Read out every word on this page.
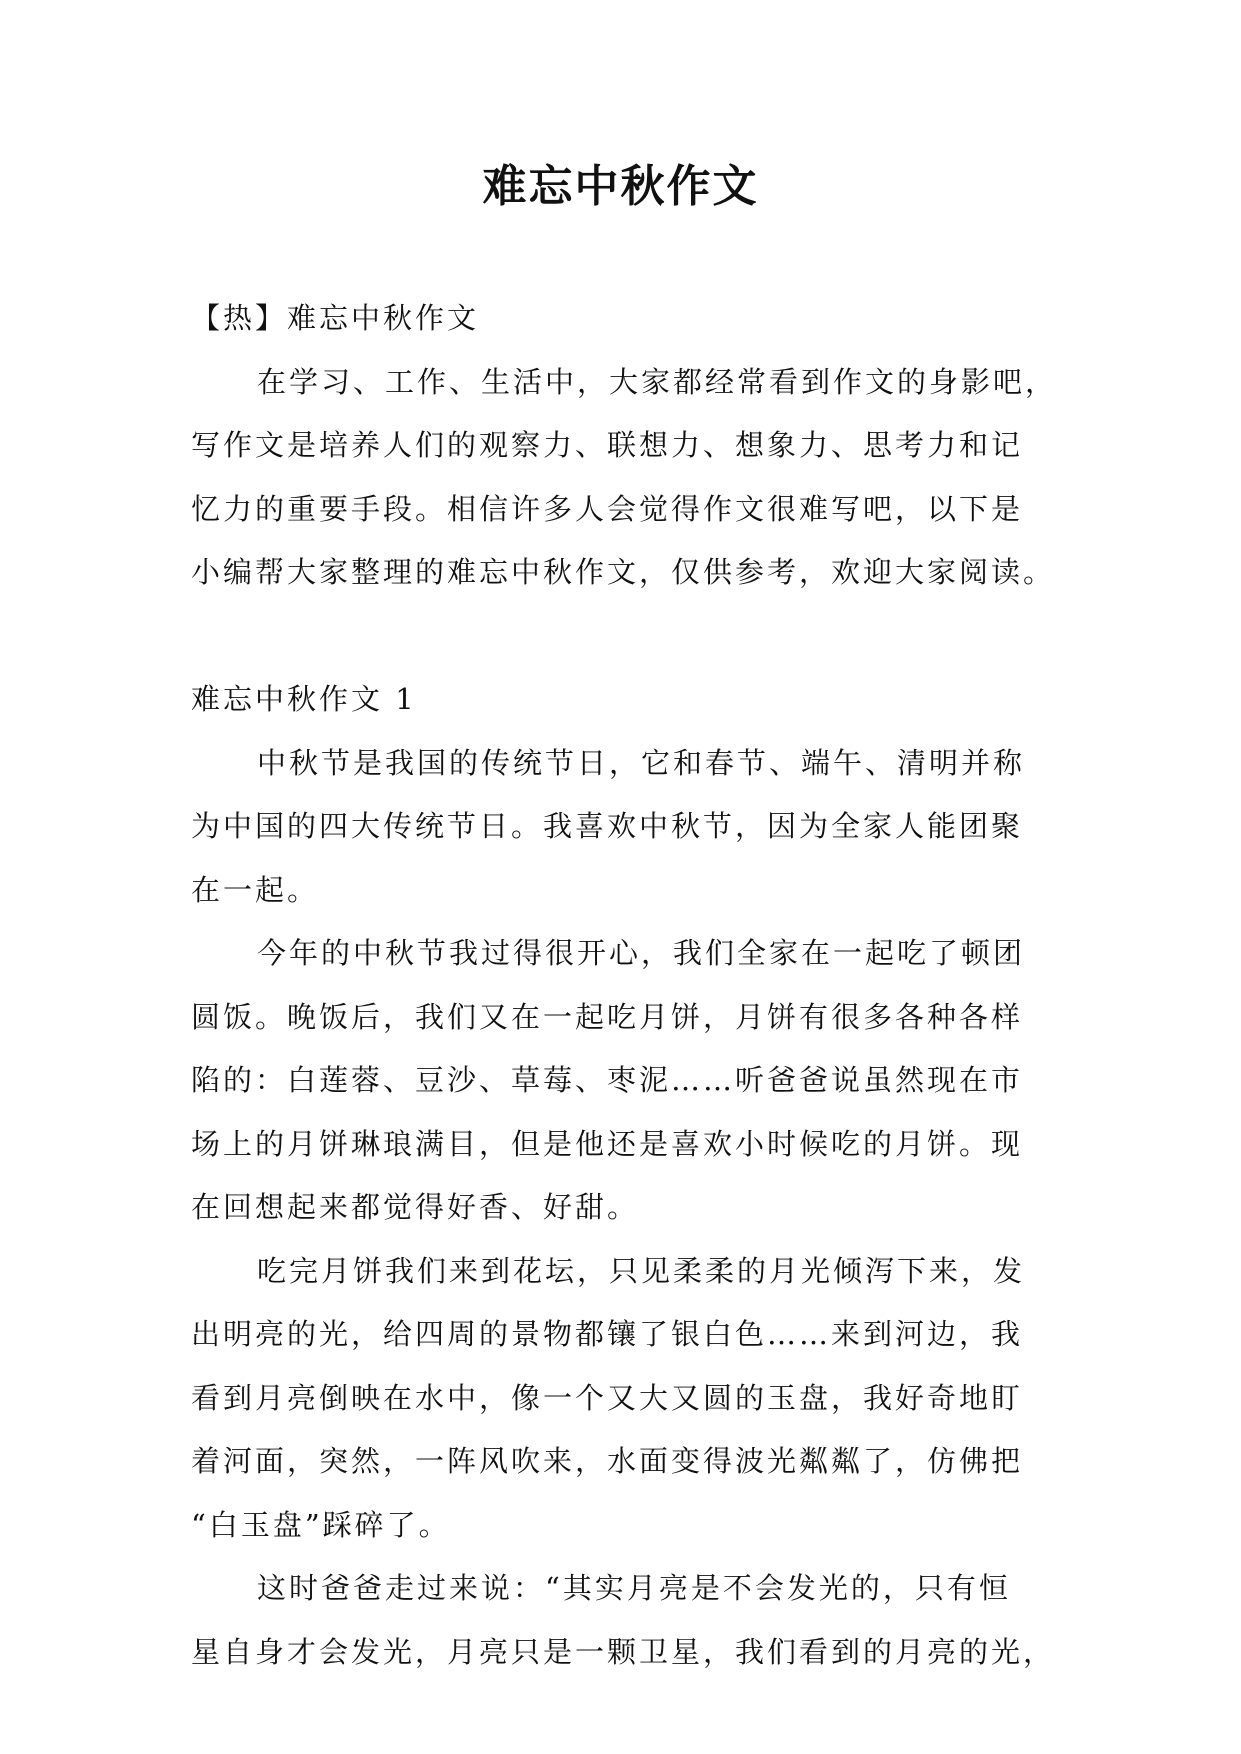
难忘中秋作文
【热】难忘中秋作文
在学习、工作、生活中，大家都经常看到作文的身影吧，
写作文是培养人们的观察力、联想力、想象力、思考力和记
忆力的重要手段。相信许多人会觉得作文很难写吧，以下是
小编帮大家整理的难忘中秋作文，仅供参考，欢迎大家阅读。
难忘中秋作文 1
中秋节是我国的传统节日，它和春节、端午、清明并称
为中国的四大传统节日。我喜欢中秋节，因为全家人能团聚
在一起。
今年的中秋节我过得很开心，我们全家在一起吃了顿团
圆饭。晚饭后，我们又在一起吃月饼，月饼有很多各种各样
陷的：白莲蓉、豆沙、草莓、枣泥……听爸爸说虽然现在市
场上的月饼琳琅满目，但是他还是喜欢小时候吃的月饼。现
在回想起来都觉得好香、好甜。
吃完月饼我们来到花坛，只见柔柔的月光倾泻下来，发
出明亮的光，给四周的景物都镶了银白色……来到河边，我
看到月亮倒映在水中，像一个又大又圆的玉盘，我好奇地盯
着河面，突然，一阵风吹来，水面变得波光粼粼了，仿佛把
“白玉盘”踩碎了。
这时爸爸走过来说：“其实月亮是不会发光的，只有恒
星自身才会发光，月亮只是一颗卫星，我们看到的月亮的光，
